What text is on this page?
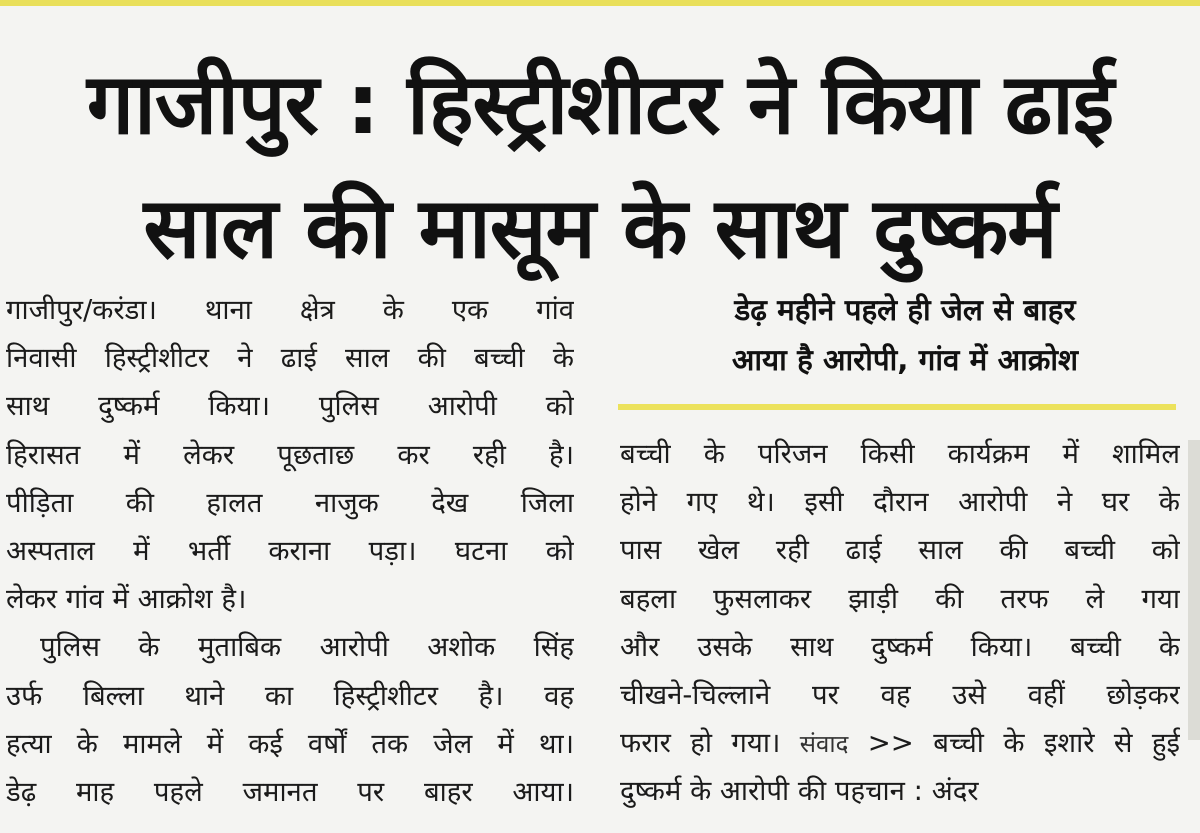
गाजीपुर : हिस्ट्रीशीटर ने किया ढाई
साल की मासूम के साथ दुष्कर्म
गाजीपुर/करंडा। थाना क्षेत्र के एक गांव
निवासी हिस्ट्रीशीटर ने ढाई साल की बच्ची के
साथ दुष्कर्म किया। पुलिस आरोपी को
हिरासत में लेकर पूछताछ कर रही है।
पीड़िता की हालत नाजुक देख जिला
अस्पताल में भर्ती कराना पड़ा। घटना को
लेकर गांव में आक्रोश है।
पुलिस के मुताबिक आरोपी अशोक सिंह
उर्फ बिल्ला थाने का हिस्ट्रीशीटर है। वह
हत्या के मामले में कई वर्षों तक जेल में था।
डेढ़ माह पहले जमानत पर बाहर आया।
डेढ़ महीने पहले ही जेल से बाहर
आया है आरोपी, गांव में आक्रोश
बच्ची के परिजन किसी कार्यक्रम में शामिल
होने गए थे। इसी दौरान आरोपी ने घर के
पास खेल रही ढाई साल की बच्ची को
बहला फुसलाकर झाड़ी की तरफ ले गया
और उसके साथ दुष्कर्म किया। बच्ची के
चीखने-चिल्लाने पर वह उसे वहीं छोड़कर
फरार हो गया। संवाद >> बच्ची के इशारे से हुई
दुष्कर्म के आरोपी की पहचान : अंदर
